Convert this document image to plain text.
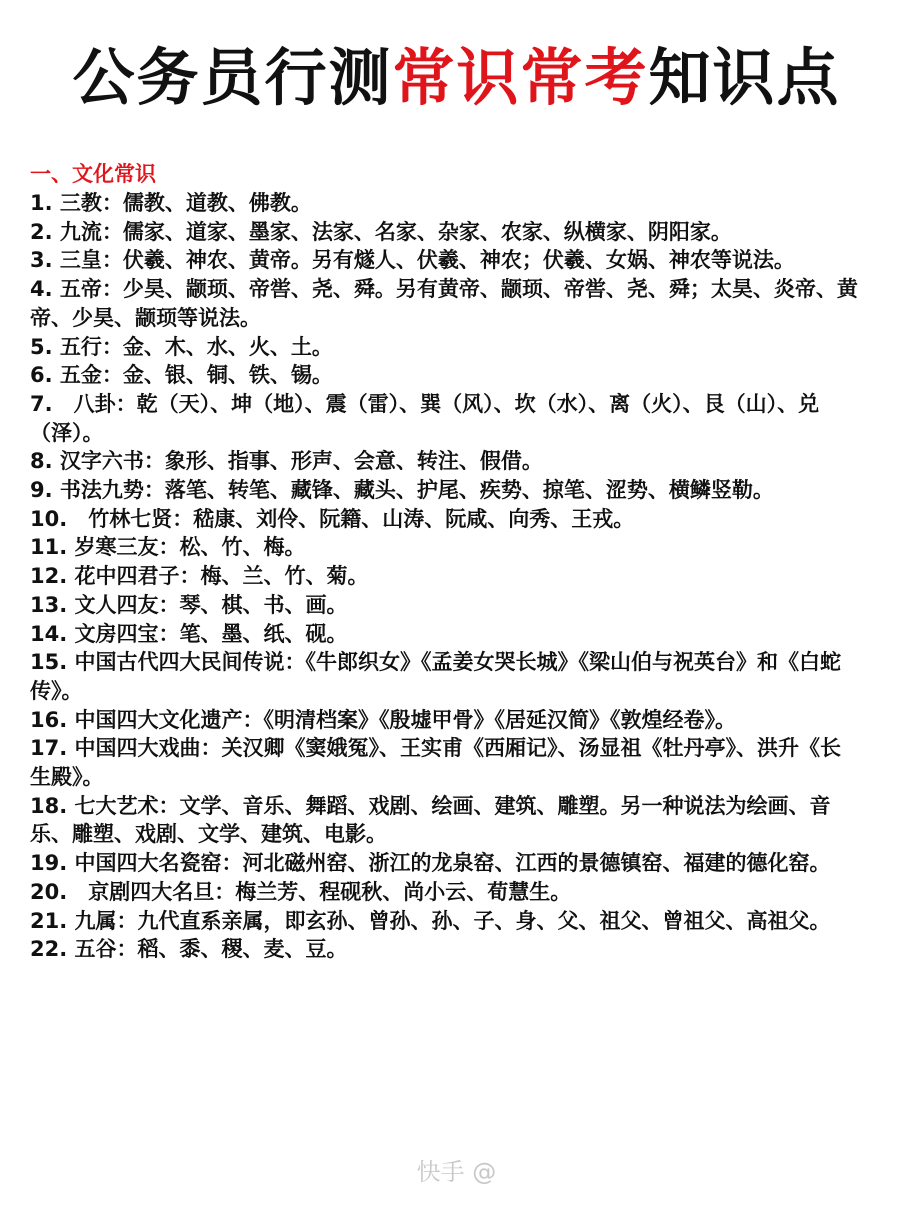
公务员行测常识常考知识点
一、文化常识
1. 三教：儒教、道教、佛教。
2. 九流：儒家、道家、墨家、法家、名家、杂家、农家、纵横家、阴阳家。
3. 三皇：伏羲、神农、黄帝。另有燧人、伏羲、神农；伏羲、女娲、神农等说法。
4. 五帝：少昊、颛顼、帝喾、尧、舜。另有黄帝、颛顼、帝喾、尧、舜；太昊、炎帝、黄帝、少昊、颛顼等说法。
5. 五行：金、木、水、火、土。
6. 五金：金、银、铜、铁、锡。
7.　八卦：乾（天）、坤（地）、震（雷）、巽（风）、坎（水）、离（火）、艮（山）、兑（泽）。
8. 汉字六书：象形、指事、形声、会意、转注、假借。
9. 书法九势：落笔、转笔、藏锋、藏头、护尾、疾势、掠笔、涩势、横鳞竖勒。
10.　竹林七贤：嵇康、刘伶、阮籍、山涛、阮咸、向秀、王戎。
11. 岁寒三友：松、竹、梅。
12. 花中四君子：梅、兰、竹、菊。
13. 文人四友：琴、棋、书、画。
14. 文房四宝：笔、墨、纸、砚。
15. 中国古代四大民间传说：《牛郎织女》《孟姜女哭长城》《梁山伯与祝英台》和《白蛇传》。
16. 中国四大文化遗产：《明清档案》《殷墟甲骨》《居延汉简》《敦煌经卷》。
17. 中国四大戏曲：关汉卿《窦娥冤》、王实甫《西厢记》、汤显祖《牡丹亭》、洪升《长生殿》。
18. 七大艺术：文学、音乐、舞蹈、戏剧、绘画、建筑、雕塑。另一种说法为绘画、音乐、雕塑、戏剧、文学、建筑、电影。
19. 中国四大名瓷窑：河北磁州窑、浙江的龙泉窑、江西的景德镇窑、福建的德化窑。
20.　京剧四大名旦：梅兰芳、程砚秋、尚小云、荀慧生。
21. 九属：九代直系亲属，即玄孙、曾孙、孙、子、身、父、祖父、曾祖父、高祖父。
22. 五谷：稻、黍、稷、麦、豆。
快手 @
